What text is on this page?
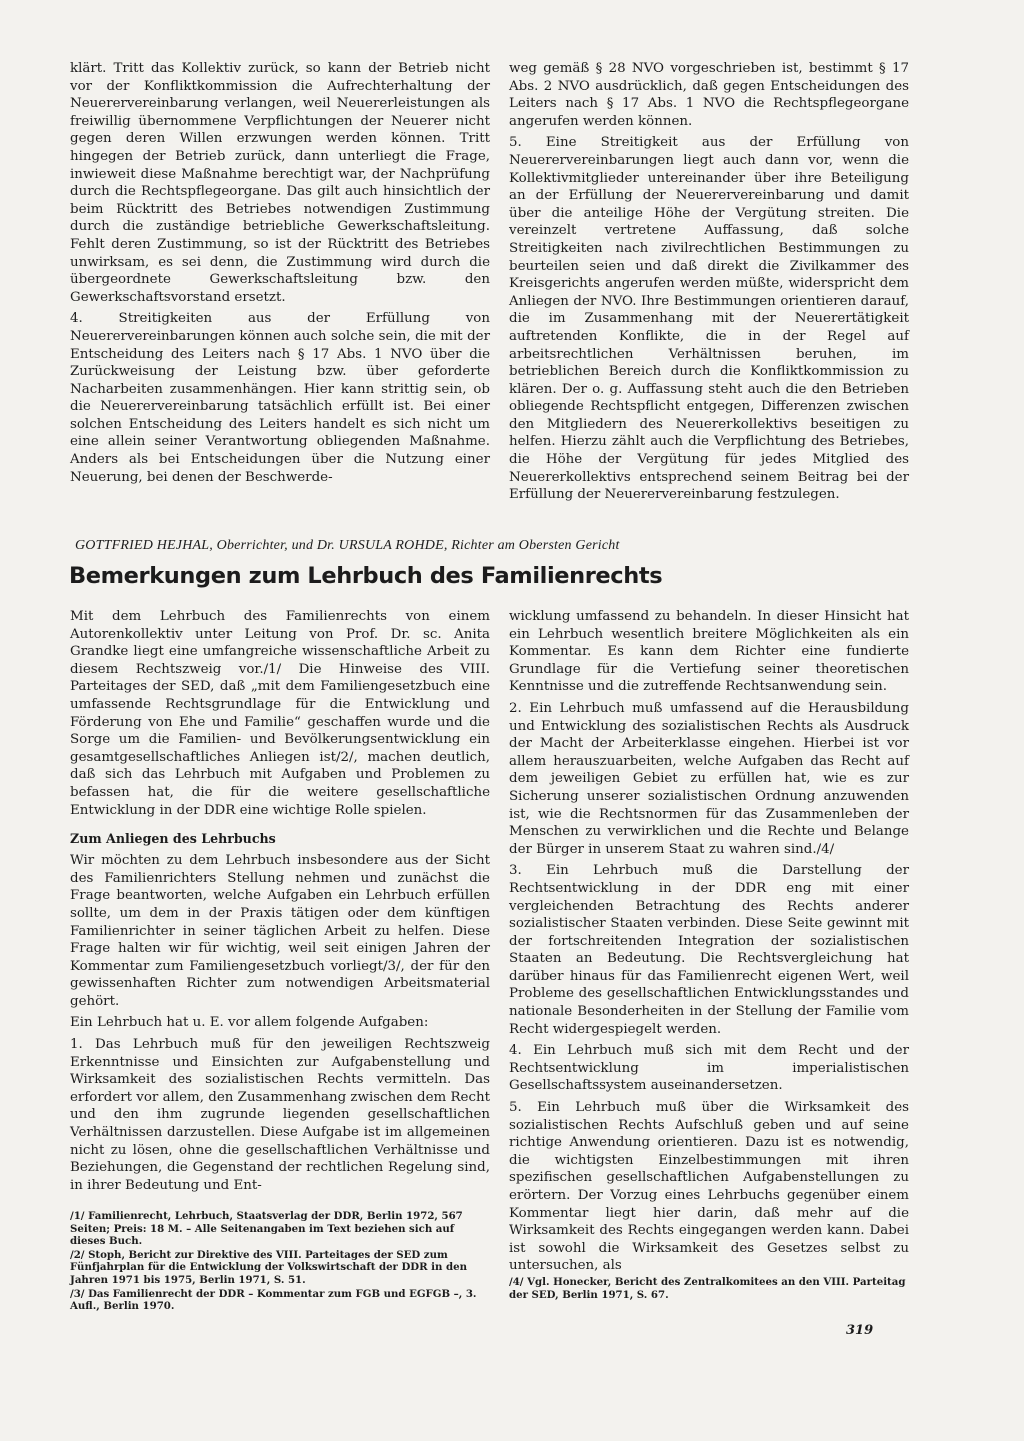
klärt. Tritt das Kollektiv zurück, so kann der Betrieb nicht vor der Konfliktkommission die Aufrechterhaltung der Neuerervereinbarung verlangen, weil Neuererleistungen als freiwillig übernommene Verpflichtungen der Neuerer nicht gegen deren Willen erzwungen werden können. Tritt hingegen der Betrieb zurück, dann unterliegt die Frage, inwieweit diese Maßnahme berechtigt war, der Nachprüfung durch die Rechtspflegeorgane. Das gilt auch hinsichtlich der beim Rücktritt des Betriebes notwendigen Zustimmung durch die zuständige betriebliche Gewerkschaftsleitung. Fehlt deren Zustimmung, so ist der Rücktritt des Betriebes unwirksam, es sei denn, die Zustimmung wird durch die übergeordnete Gewerkschaftsleitung bzw. den Gewerkschaftsvorstand ersetzt.

4. Streitigkeiten aus der Erfüllung von Neuerervereinbarungen können auch solche sein, die mit der Entscheidung des Leiters nach § 17 Abs. 1 NVO über die Zurückweisung der Leistung bzw. über geforderte Nacharbeiten zusammenhängen. Hier kann strittig sein, ob die Neuerervereinbarung tatsächlich erfüllt ist. Bei einer solchen Entscheidung des Leiters handelt es sich nicht um eine allein seiner Verantwortung obliegenden Maßnahme. Anders als bei Entscheidungen über die Nutzung einer Neuerung, bei denen der Beschwerde-

weg gemäß § 28 NVO vorgeschrieben ist, bestimmt § 17 Abs. 2 NVO ausdrücklich, daß gegen Entscheidungen des Leiters nach § 17 Abs. 1 NVO die Rechtspflegeorgane angerufen werden können.

5. Eine Streitigkeit aus der Erfüllung von Neuerervereinbarungen liegt auch dann vor, wenn die Kollektivmitglieder untereinander über ihre Beteiligung an der Erfüllung der Neuerervereinbarung und damit über die anteilige Höhe der Vergütung streiten. Die vereinzelt vertretene Auffassung, daß solche Streitigkeiten nach zivilrechtlichen Bestimmungen zu beurteilen seien und daß direkt die Zivilkammer des Kreisgerichts angerufen werden müßte, widerspricht dem Anliegen der NVO. Ihre Bestimmungen orientieren darauf, die im Zusammenhang mit der Neuerertätigkeit auftretenden Konflikte, die in der Regel auf arbeitsrechtlichen Verhältnissen beruhen, im betrieblichen Bereich durch die Konfliktkommission zu klären. Der o. g. Auffassung steht auch die den Betrieben obliegende Rechtspflicht entgegen, Differenzen zwischen den Mitgliedern des Neuererkollektivs beseitigen zu helfen. Hierzu zählt auch die Verpflichtung des Betriebes, die Höhe der Vergütung für jedes Mitglied des Neuererkollektivs entsprechend seinem Beitrag bei der Erfüllung der Neuerervereinbarung festzulegen.

GOTTFRIED HEJHAL, Oberrichter, und Dr. URSULA ROHDE, Richter am Obersten Gericht
Bemerkungen zum Lehrbuch des Familienrechts

Mit dem Lehrbuch des Familienrechts von einem Autorenkollektiv unter Leitung von Prof. Dr. sc. Anita Grandke liegt eine umfangreiche wissenschaftliche Arbeit zu diesem Rechtszweig vor./1/ Die Hinweise des VIII. Parteitages der SED, daß „mit dem Familiengesetzbuch eine umfassende Rechtsgrundlage für die Entwicklung und Förderung von Ehe und Familie“ geschaffen wurde und die Sorge um die Familien- und Bevölkerungsentwicklung ein gesamtgesellschaftliches Anliegen ist/2/, machen deutlich, daß sich das Lehrbuch mit Aufgaben und Problemen zu befassen hat, die für die weitere gesellschaftliche Entwicklung in der DDR eine wichtige Rolle spielen.

Zum Anliegen des Lehrbuchs

Wir möchten zu dem Lehrbuch insbesondere aus der Sicht des Familienrichters Stellung nehmen und zunächst die Frage beantworten, welche Aufgaben ein Lehrbuch erfüllen sollte, um dem in der Praxis tätigen oder dem künftigen Familienrichter in seiner täglichen Arbeit zu helfen. Diese Frage halten wir für wichtig, weil seit einigen Jahren der Kommentar zum Familiengesetzbuch vorliegt/3/, der für den gewissenhaften Richter zum notwendigen Arbeitsmaterial gehört.

Ein Lehrbuch hat u. E. vor allem folgende Aufgaben:

1. Das Lehrbuch muß für den jeweiligen Rechtszweig Erkenntnisse und Einsichten zur Aufgabenstellung und Wirksamkeit des sozialistischen Rechts vermitteln. Das erfordert vor allem, den Zusammenhang zwischen dem Recht und den ihm zugrunde liegenden gesellschaftlichen Verhältnissen darzustellen. Diese Aufgabe ist im allgemeinen nicht zu lösen, ohne die gesellschaftlichen Verhältnisse und Beziehungen, die Gegenstand der rechtlichen Regelung sind, in ihrer Bedeutung und Ent-

wicklung umfassend zu behandeln. In dieser Hinsicht hat ein Lehrbuch wesentlich breitere Möglichkeiten als ein Kommentar. Es kann dem Richter eine fundierte Grundlage für die Vertiefung seiner theoretischen Kenntnisse und die zutreffende Rechtsanwendung sein.

2. Ein Lehrbuch muß umfassend auf die Herausbildung und Entwicklung des sozialistischen Rechts als Ausdruck der Macht der Arbeiterklasse eingehen. Hierbei ist vor allem herauszuarbeiten, welche Aufgaben das Recht auf dem jeweiligen Gebiet zu erfüllen hat, wie es zur Sicherung unserer sozialistischen Ordnung anzuwenden ist, wie die Rechtsnormen für das Zusammenleben der Menschen zu verwirklichen und die Rechte und Belange der Bürger in unserem Staat zu wahren sind./4/

3. Ein Lehrbuch muß die Darstellung der Rechtsentwicklung in der DDR eng mit einer vergleichenden Betrachtung des Rechts anderer sozialistischer Staaten verbinden. Diese Seite gewinnt mit der fortschreitenden Integration der sozialistischen Staaten an Bedeutung. Die Rechtsvergleichung hat darüber hinaus für das Familienrecht eigenen Wert, weil Probleme des gesellschaftlichen Entwicklungsstandes und nationale Besonderheiten in der Stellung der Familie vom Recht widergespiegelt werden.

4. Ein Lehrbuch muß sich mit dem Recht und der Rechtsentwicklung im imperialistischen Gesellschaftssystem auseinandersetzen.

5. Ein Lehrbuch muß über die Wirksamkeit des sozialistischen Rechts Aufschluß geben und auf seine richtige Anwendung orientieren. Dazu ist es notwendig, die wichtigsten Einzelbestimmungen mit ihren spezifischen gesellschaftlichen Aufgabenstellungen zu erörtern. Der Vorzug eines Lehrbuchs gegenüber einem Kommentar liegt hier darin, daß mehr auf die Wirksamkeit des Rechts eingegangen werden kann. Dabei ist sowohl die Wirksamkeit des Gesetzes selbst zu untersuchen, als

/1/ Familienrecht, Lehrbuch, Staatsverlag der DDR, Berlin 1972, 567 Seiten; Preis: 18 M. – Alle Seitenangaben im Text beziehen sich auf dieses Buch.

/2/ Stoph, Bericht zur Direktive des VIII. Parteitages der SED zum Fünfjahrplan für die Entwicklung der Volkswirtschaft der DDR in den Jahren 1971 bis 1975, Berlin 1971, S. 51.

/3/ Das Familienrecht der DDR – Kommentar zum FGB und EGFGB –, 3. Aufl., Berlin 1970.

/4/ Vgl. Honecker, Bericht des Zentralkomitees an den VIII. Parteitag der SED, Berlin 1971, S. 67.

319
